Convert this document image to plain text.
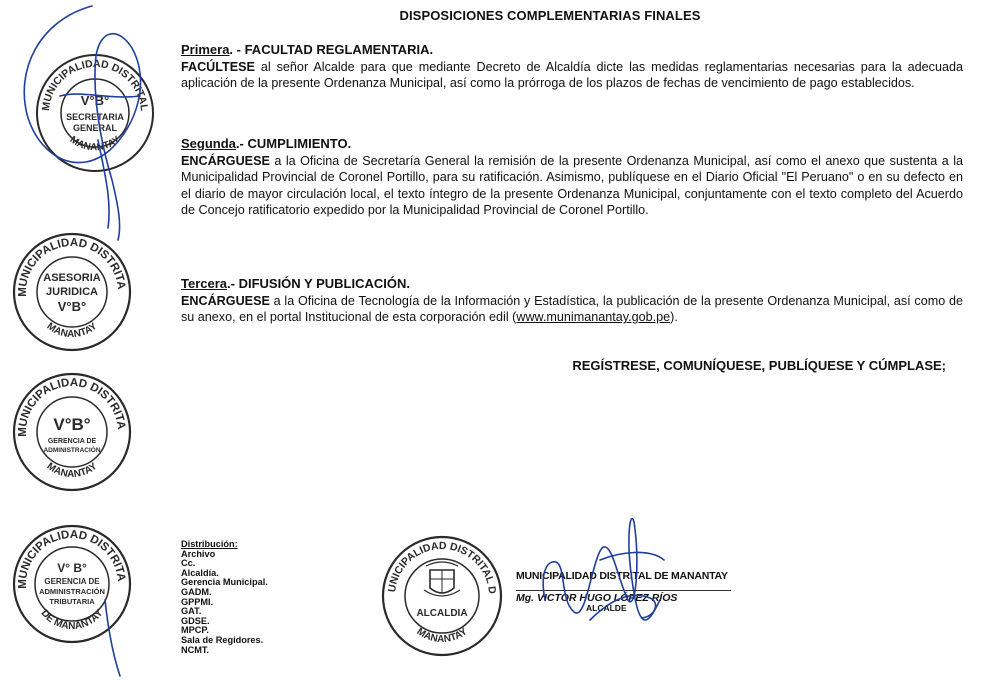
DISPOSICIONES COMPLEMENTARIAS FINALES
Primera. - FACULTAD REGLAMENTARIA.
FACÚLTESE al señor Alcalde para que mediante Decreto de Alcaldía dicte las medidas reglamentarias necesarias para la adecuada aplicación de la presente Ordenanza Municipal, así como la prórroga de los plazos de fechas de vencimiento de pago establecidos.
Segunda.- CUMPLIMIENTO.
ENCÁRGUESE a la Oficina de Secretaría General la remisión de la presente Ordenanza Municipal, así como el anexo que sustenta a la Municipalidad Provincial de Coronel Portillo, para su ratificación. Asimismo, publíquese en el Diario Oficial "El Peruano" o en su defecto en el diario de mayor circulación local, el texto íntegro de la presente Ordenanza Municipal, conjuntamente con el texto completo del Acuerdo de Concejo ratificatorio expedido por la Municipalidad Provincial de Coronel Portillo.
Tercera.- DIFUSIÓN Y PUBLICACIÓN.
ENCÁRGUESE a la Oficina de Tecnología de la Información y Estadística, la publicación de la presente Ordenanza Municipal, así como de su anexo, en el portal Institucional de esta corporación edil (www.munimanantay.gob.pe).
REGÍSTRESE, COMUNÍQUESE, PUBLÍQUESE Y CÚMPLASE;
Distribución:
Archivo
Cc.
Alcaldía.
Gerencia Municipal.
GADM.
GPPMI.
GAT.
GDSE.
MPCP.
Sala de Regidores.
NCMT.
MUNICIPALIDAD DISTRITAL
MANANTAY
V°B°
SECRETARIA
GENERAL
MUNICIPALIDAD DISTRITAL
MANANTAY
ASESORIA
JURIDICA
V°B°
MUNICIPALIDAD DISTRITAL
MANANTAY
V°B°
GERENCIA DE
ADMINISTRACIÓN
MUNICIPALIDAD DISTRITAL
DE MANANTAY
V° B°
GERENCIA DE
ADMINISTRACIÓN
TRIBUTARIA
MUNICIPALIDAD DISTRITAL DE
MANANTAY
ALCALDIA
MUNICIPALIDAD DISTRITAL DE MANANTAY
Mg. VICTOR HUGO LÓPEZ RÍOS
ALCALDE
